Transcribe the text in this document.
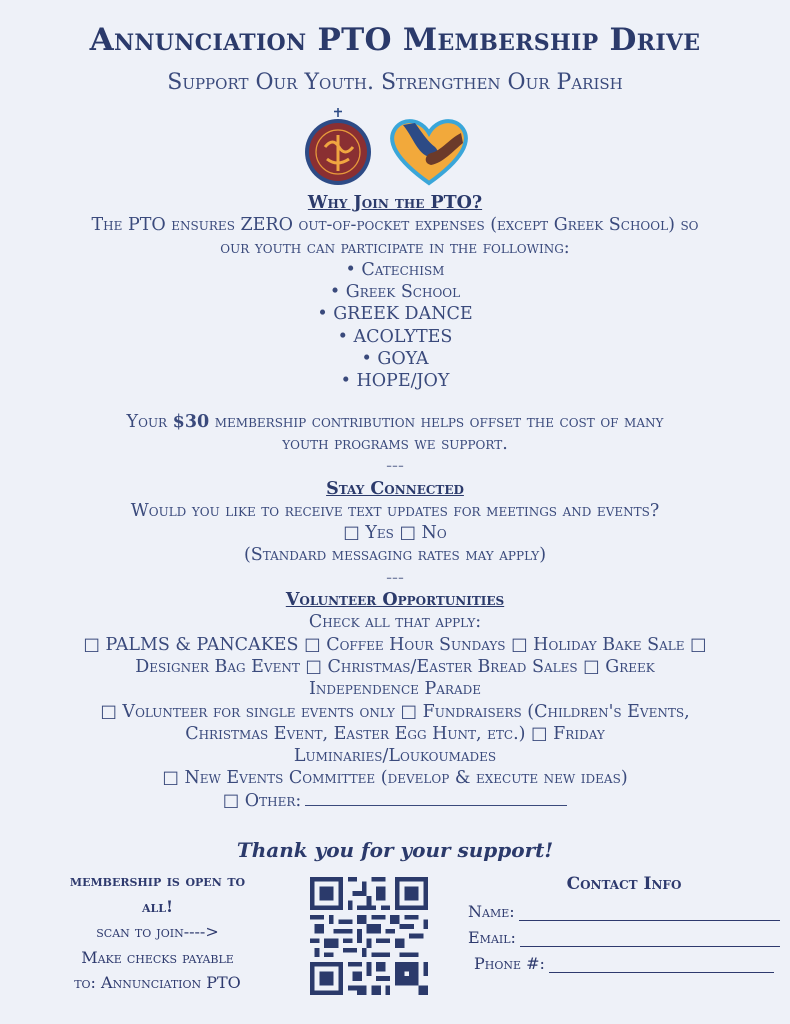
Annunciation PTO Membership Drive
Support Our Youth. Strengthen Our Parish
Why Join the PTO?
The PTO ensures ZERO out-of-pocket expenses (except Greek School) so
our youth can participate in the following:
• Catechism
• Greek School
• GREEK DANCE
• ACOLYTES
• GOYA
• HOPE/JOY
Your $30 membership contribution helps offset the cost of many
youth programs we support.
---
Stay Connected
Would you like to receive text updates for meetings and events?
□ Yes □ No
(Standard messaging rates may apply)
---
Volunteer Opportunities
Check all that apply:
□ PALMS & PANCAKES □ Coffee Hour Sundays □ Holiday Bake Sale □
Designer Bag Event □ Christmas/Easter Bread Sales □ Greek
Independence Parade
□ Volunteer for single events only □ Fundraisers (Children's Events,
Christmas Event, Easter Egg Hunt, etc.) □ Friday
Luminaries/Loukoumades
□ New Events Committee (develop & execute new ideas)
□ Other:
Thank you for your support!
membership is open to
all!
scan to join---->
Make checks payable
to: Annunciation PTO
Contact Info
Name:
Email:
Phone #:
